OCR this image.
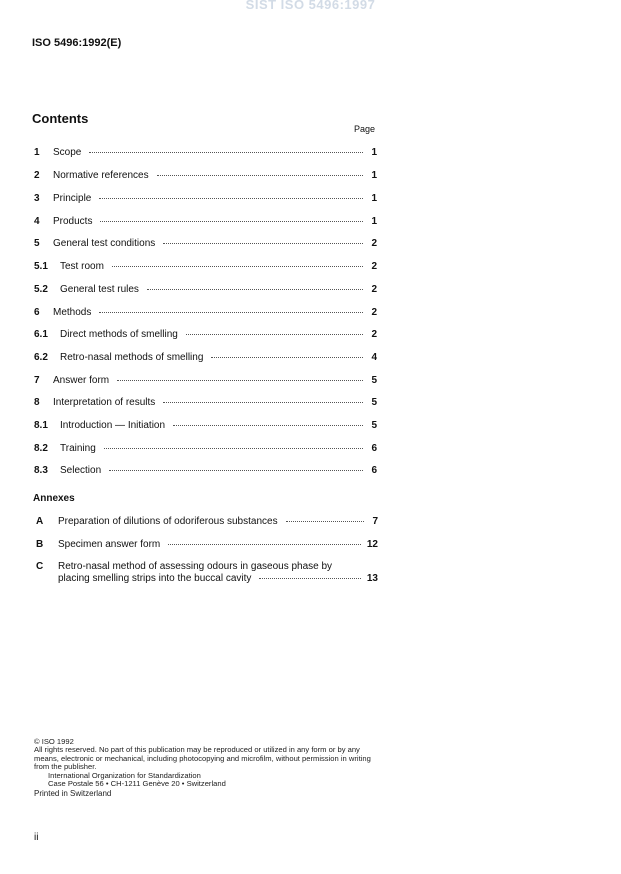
SIST ISO 5496:1997
ISO 5496:1992(E)
Contents
Page
1	Scope	1
2	Normative references	1
3	Principle	1
4	Products	1
5	General test conditions	2
5.1	Test room	2
5.2	General test rules	2
6	Methods	2
6.1	Direct methods of smelling	2
6.2	Retro-nasal methods of smelling	4
7	Answer form	5
8	Interpretation of results	5
8.1	Introduction — Initiation	5
8.2	Training	6
8.3	Selection	6
Annexes
A	Preparation of dilutions of odoriferous substances	7
B	Specimen answer form	12
C	Retro-nasal method of assessing odours in gaseous phase by
placing smelling strips into the buccal cavity	13
© ISO 1992
All rights reserved. No part of this publication may be reproduced or utilized in any form or by any means, electronic or mechanical, including photocopying and microfilm, without permission in writing from the publisher.
International Organization for Standardization
Case Postale 56 • CH-1211 Genève 20 • Switzerland
Printed in Switzerland
ii
